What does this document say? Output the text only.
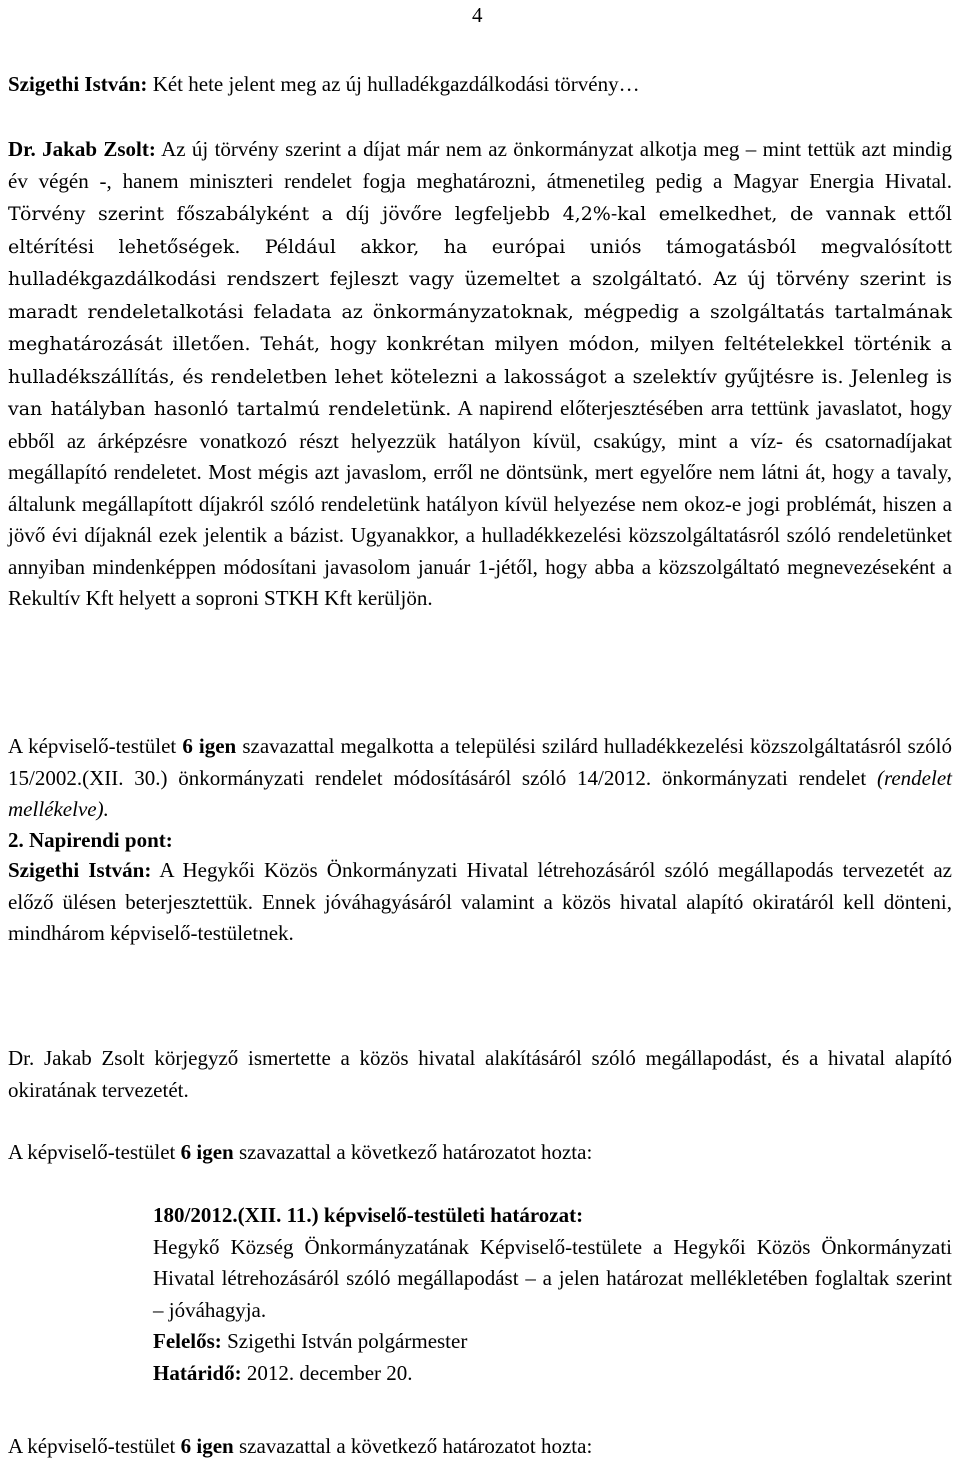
4

Szigethi István: Két hete jelent meg az új hulladékgazdálkodási törvény…

Dr. Jakab Zsolt: Az új törvény szerint a díjat már nem az önkormányzat alkotja meg – mint tettük azt mindig év végén -, hanem miniszteri rendelet fogja meghatározni, átmenetileg pedig a Magyar Energia Hivatal. Törvény szerint főszabályként a díj jövőre legfeljebb 4,2%-kal emelkedhet, de vannak ettől eltérítési lehetőségek. Például akkor, ha európai uniós támogatásból megvalósított hulladékgazdálkodási rendszert fejleszt vagy üzemeltet a szolgáltató. Az új törvény szerint is maradt rendeletalkotási feladata az önkormányzatoknak, mégpedig a szolgáltatás tartalmának meghatározását illetően. Tehát, hogy konkrétan milyen módon, milyen feltételekkel történik a hulladékszállítás, és rendeletben lehet kötelezni a lakosságot a szelektív gyűjtésre is. Jelenleg is van hatályban hasonló tartalmú rendeletünk. A napirend előterjesztésében arra tettünk javaslatot, hogy ebből az árképzésre vonatkozó részt helyezzük hatályon kívül, csakúgy, mint a víz- és csatornadíjakat megállapító rendeletet. Most mégis azt javaslom, erről ne döntsünk, mert egyelőre nem látni át, hogy a tavaly, általunk megállapított díjakról szóló rendeletünk hatályon kívül helyezése nem okoz-e jogi problémát, hiszen a jövő évi díjaknál ezek jelentik a bázist. Ugyanakkor, a hulladékkezelési közszolgáltatásról szóló rendeletünket annyiban mindenképpen módosítani javasolom január 1-jétől, hogy abba a közszolgáltató megnevezéseként a Rekultív Kft helyett a soproni STKH Kft kerüljön.

A képviselő-testület 6 igen szavazattal megalkotta a települési szilárd hulladékkezelési közszolgáltatásról szóló 15/2002.(XII. 30.) önkormányzati rendelet módosításáról szóló 14/2012. önkormányzati rendelet (rendelet mellékelve).

2. Napirendi pont:

Szigethi István: A Hegykői Közös Önkormányzati Hivatal létrehozásáról szóló megállapodás tervezetét az előző ülésen beterjesztettük. Ennek jóváhagyásáról valamint a közös hivatal alapító okiratáról kell dönteni, mindhárom képviselő-testületnek.

Dr. Jakab Zsolt körjegyző ismertette a közös hivatal alakításáról szóló megállapodást, és a hivatal alapító okiratának tervezetét.

A képviselő-testület 6 igen szavazattal a következő határozatot hozta:

180/2012.(XII. 11.) képviselő-testületi határozat:

Hegykő Község Önkormányzatának Képviselő-testülete a Hegykői Közös Önkormányzati Hivatal létrehozásáról szóló megállapodást – a jelen határozat mellékletében foglaltak szerint – jóváhagyja.

Felelős: Szigethi István polgármester

Határidő: 2012. december 20.

A képviselő-testület 6 igen szavazattal a következő határozatot hozta:
